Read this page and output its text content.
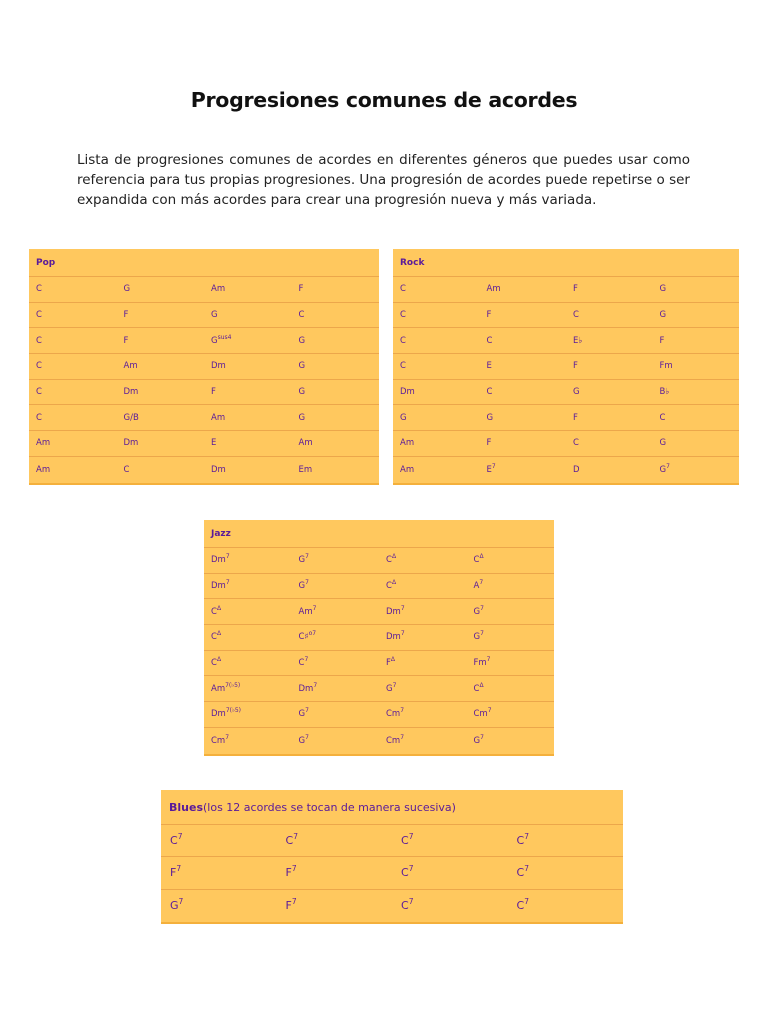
Progresiones comunes de acordes

Lista de progresiones comunes de acordes en diferentes géneros que puedes usar como referencia para tus propias progresiones. Una progresión de acordes puede repetirse o ser expandida con más acordes para crear una progresión nueva y más variada.

Pop
C	G	Am	F
C	F	G	C
C	F	$G^{sus4}$	G
C	Am	Dm	G
C	Dm	F	G
C	G/B	Am	G
Am	Dm	E	Am
Am	C	Dm	Em
Rock
C	Am	F	G
C	F	C	G
C	C	E♭	F
C	E	F	Fm
Dm	C	G	B♭
G	G	F	C
Am	F	C	G
Am	$E^7$	D	$G^7$
Jazz
Dm$^7$	$G^7$	$C^\Delta$	$C^\Delta$
Dm$^7$	$G^7$	$C^\Delta$	$A^7$
$C^\Delta$	Am$^7$	Dm$^7$	$G^7$
$C^\Delta$	C♯$^{o7}$	Dm$^7$	$G^7$
$C^\Delta$	$C^7$	$F^\Delta$	Fm$^7$
$Am^{7(♭5)}$	Dm$^7$	$G^7$	$C^\Delta$
$Dm^{7(♭5)}$	$G^7$	Cm$^7$	Cm$^7$
Cm$^7$	$G^7$	Cm$^7$	$G^7$
Blues (los 12 acordes se tocan de manera sucesiva)
$C^7$	$C^7$	$C^7$	$C^7$
$F^7$	$F^7$	$C^7$	$C^7$
$G^7$	$F^7$	$C^7$	$C^7$
